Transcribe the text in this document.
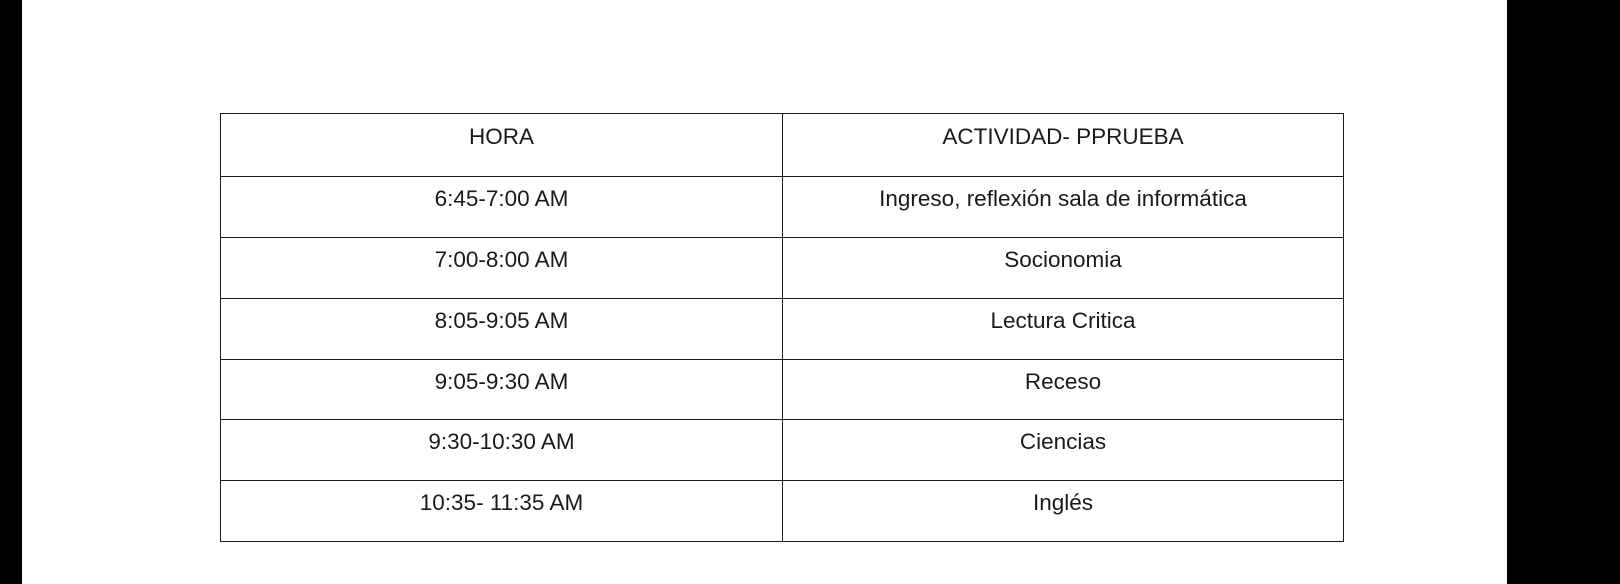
HORA	ACTIVIDAD- PPRUEBA
6:45-7:00 AM	Ingreso, reflexión sala de informática
7:00-8:00 AM	Socionomia
8:05-9:05 AM	Lectura Critica
9:05-9:30 AM	Receso
9:30-10:30 AM	Ciencias
10:35- 11:35 AM	Inglés
